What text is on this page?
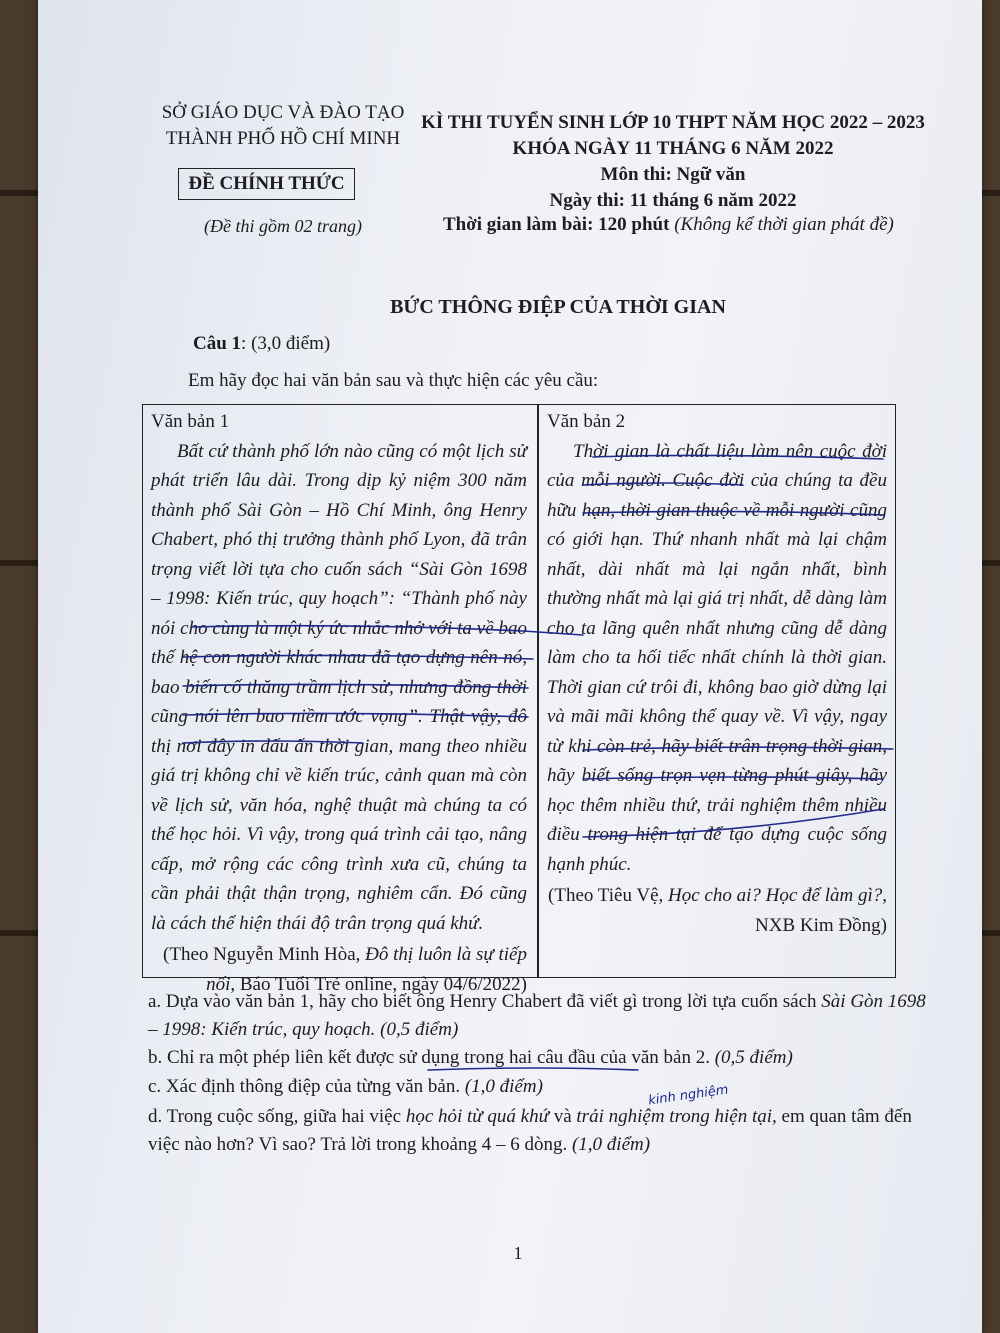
SỞ GIÁO DỤC VÀ ĐÀO TẠO
THÀNH PHỐ HỒ CHÍ MINH
ĐỀ CHÍNH THỨC
(Đề thi gồm 02 trang)
KÌ THI TUYỂN SINH LỚP 10 THPT NĂM HỌC 2022 – 2023
KHÓA NGÀY 11 THÁNG 6 NĂM 2022
Môn thi: Ngữ văn
Ngày thi: 11 tháng 6 năm 2022
Thời gian làm bài: 120 phút (Không kể thời gian phát đề)
BỨC THÔNG ĐIỆP CỦA THỜI GIAN
Câu 1: (3,0 điểm)
Em hãy đọc hai văn bản sau và thực hiện các yêu cầu:
Văn bản 1
Bất cứ thành phố lớn nào cũng có một lịch sử phát triển lâu dài. Trong dịp kỷ niệm 300 năm thành phố Sài Gòn – Hồ Chí Minh, ông Henry Chabert, phó thị trưởng thành phố Lyon, đã trân trọng viết lời tựa cho cuốn sách “Sài Gòn 1698 – 1998: Kiến trúc, quy hoạch”: “Thành phố này nói cho cùng là một ký ức nhắc nhở với ta về bao thế hệ con người khác nhau đã tạo dựng nên nó, bao biến cố thăng trầm lịch sử, nhưng đồng thời cũng nói lên bao niềm ước vọng”. Thật vậy, đô thị nơi đây in dấu ấn thời gian, mang theo nhiều giá trị không chỉ về kiến trúc, cảnh quan mà còn về lịch sử, văn hóa, nghệ thuật mà chúng ta có thể học hỏi. Vì vậy, trong quá trình cải tạo, nâng cấp, mở rộng các công trình xưa cũ, chúng ta cần phải thật thận trọng, nghiêm cẩn. Đó cũng là cách thể hiện thái độ trân trọng quá khứ.
(Theo Nguyễn Minh Hòa, Đô thị luôn là sự tiếp nối, Báo Tuổi Trẻ online, ngày 04/6/2022)
Văn bản 2
Thời gian là chất liệu làm nên cuộc đời của mỗi người. Cuộc đời của chúng ta đều hữu hạn, thời gian thuộc về mỗi người cũng có giới hạn. Thứ nhanh nhất mà lại chậm nhất, dài nhất mà lại ngắn nhất, bình thường nhất mà lại giá trị nhất, dễ dàng làm cho ta lãng quên nhất nhưng cũng dễ dàng làm cho ta hối tiếc nhất chính là thời gian. Thời gian cứ trôi đi, không bao giờ dừng lại và mãi mãi không thể quay về. Vì vậy, ngay từ khi còn trẻ, hãy biết trân trọng thời gian, hãy biết sống trọn vẹn từng phút giây, hãy học thêm nhiều thứ, trải nghiệm thêm nhiều điều trong hiện tại để tạo dựng cuộc sống hạnh phúc.
(Theo Tiêu Vệ, Học cho ai? Học để làm gì?, NXB Kim Đồng)
a. Dựa vào văn bản 1, hãy cho biết ông Henry Chabert đã viết gì trong lời tựa cuốn sách Sài Gòn 1698 – 1998: Kiến trúc, quy hoạch. (0,5 điểm)
b. Chỉ ra một phép liên kết được sử dụng trong hai câu đầu của văn bản 2. (0,5 điểm)
c. Xác định thông điệp của từng văn bản. (1,0 điểm)
d. Trong cuộc sống, giữa hai việc học hỏi từ quá khứ và trải nghiệm trong hiện tại, em quan tâm đến việc nào hơn? Vì sao? Trả lời trong khoảng 4 – 6 dòng. (1,0 điểm)
kinh nghiệm
1
